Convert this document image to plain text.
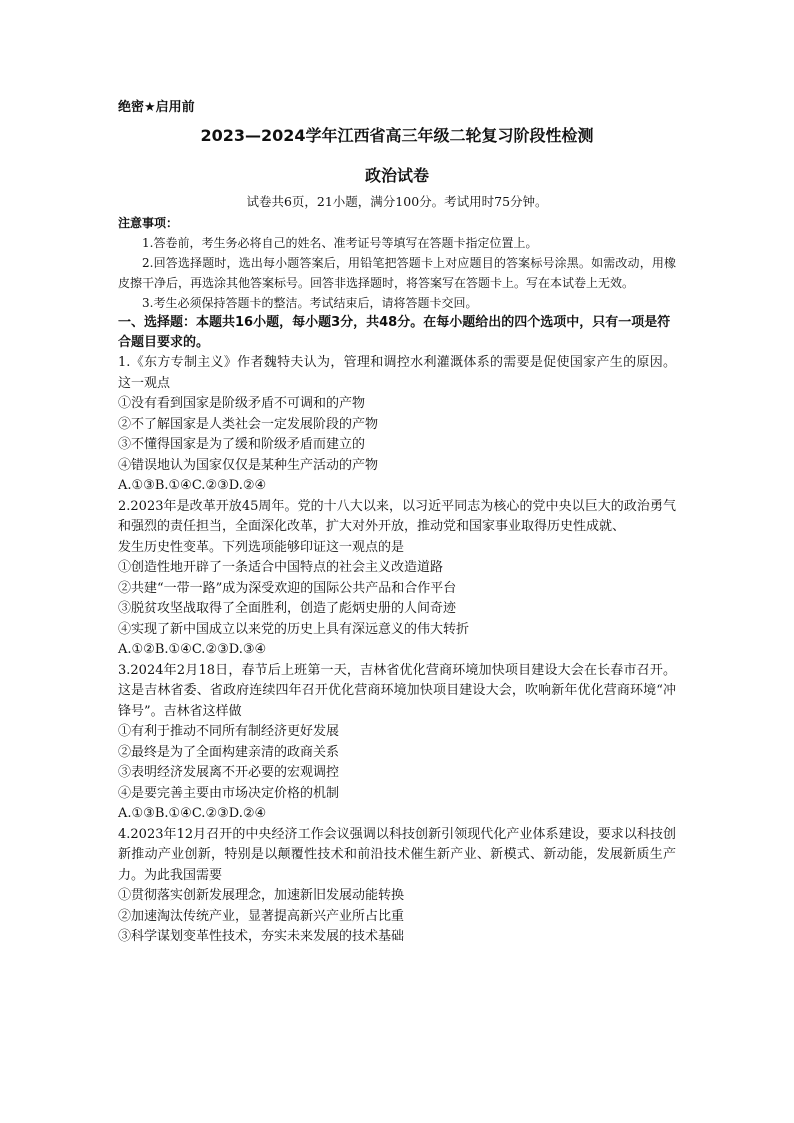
绝密★启用前
2023—2024学年江西省高三年级二轮复习阶段性检测
政治试卷
试卷共6页，21小题，满分100分。考试用时75分钟。
注意事项：
1.答卷前，考生务必将自己的姓名、准考证号等填写在答题卡指定位置上。
2.回答选择题时，选出每小题答案后，用铅笔把答题卡上对应题目的答案标号涂黑。如需改动，用橡皮擦干净后，再选涂其他答案标号。回答非选择题时，将答案写在答题卡上。写在本试卷上无效。
3.考生必须保持答题卡的整洁。考试结束后，请将答题卡交回。
一、选择题：本题共16小题，每小题3分，共48分。在每小题给出的四个选项中，只有一项是符合题目要求的。
1.《东方专制主义》作者魏特夫认为，管理和调控水利灌溉体系的需要是促使国家产生的原因。这一观点
①没有看到国家是阶级矛盾不可调和的产物
②不了解国家是人类社会一定发展阶段的产物
③不懂得国家是为了缓和阶级矛盾而建立的
④错误地认为国家仅仅是某种生产活动的产物
A.①③B.①④C.②③D.②④
2.2023年是改革开放45周年。党的十八大以来，以习近平同志为核心的党中央以巨大的政治勇气和强烈的责任担当，全面深化改革，扩大对外开放，推动党和国家事业取得历史性成就、
发生历史性变革。下列选项能够印证这一观点的是
①创造性地开辟了一条适合中国特点的社会主义改造道路
②共建“一带一路”成为深受欢迎的国际公共产品和合作平台
③脱贫攻坚战取得了全面胜利，创造了彪炳史册的人间奇迹
④实现了新中国成立以来党的历史上具有深远意义的伟大转折
A.①②B.①④C.②③D.③④
3.2024年2月18日，春节后上班第一天，吉林省优化营商环境加快项目建设大会在长春市召开。这是吉林省委、省政府连续四年召开优化营商环境加快项目建设大会，吹响新年优化营商环境“冲锋号”。吉林省这样做
①有利于推动不同所有制经济更好发展
②最终是为了全面构建亲清的政商关系
③表明经济发展离不开必要的宏观调控
④是要完善主要由市场决定价格的机制
A.①③B.①④C.②③D.②④
4.2023年12月召开的中央经济工作会议强调以科技创新引领现代化产业体系建设，要求以科技创新推动产业创新，特别是以颠覆性技术和前沿技术催生新产业、新模式、新动能，发展新质生产力。为此我国需要
①贯彻落实创新发展理念，加速新旧发展动能转换
②加速淘汰传统产业，显著提高新兴产业所占比重
③科学谋划变革性技术，夯实未来发展的技术基础
